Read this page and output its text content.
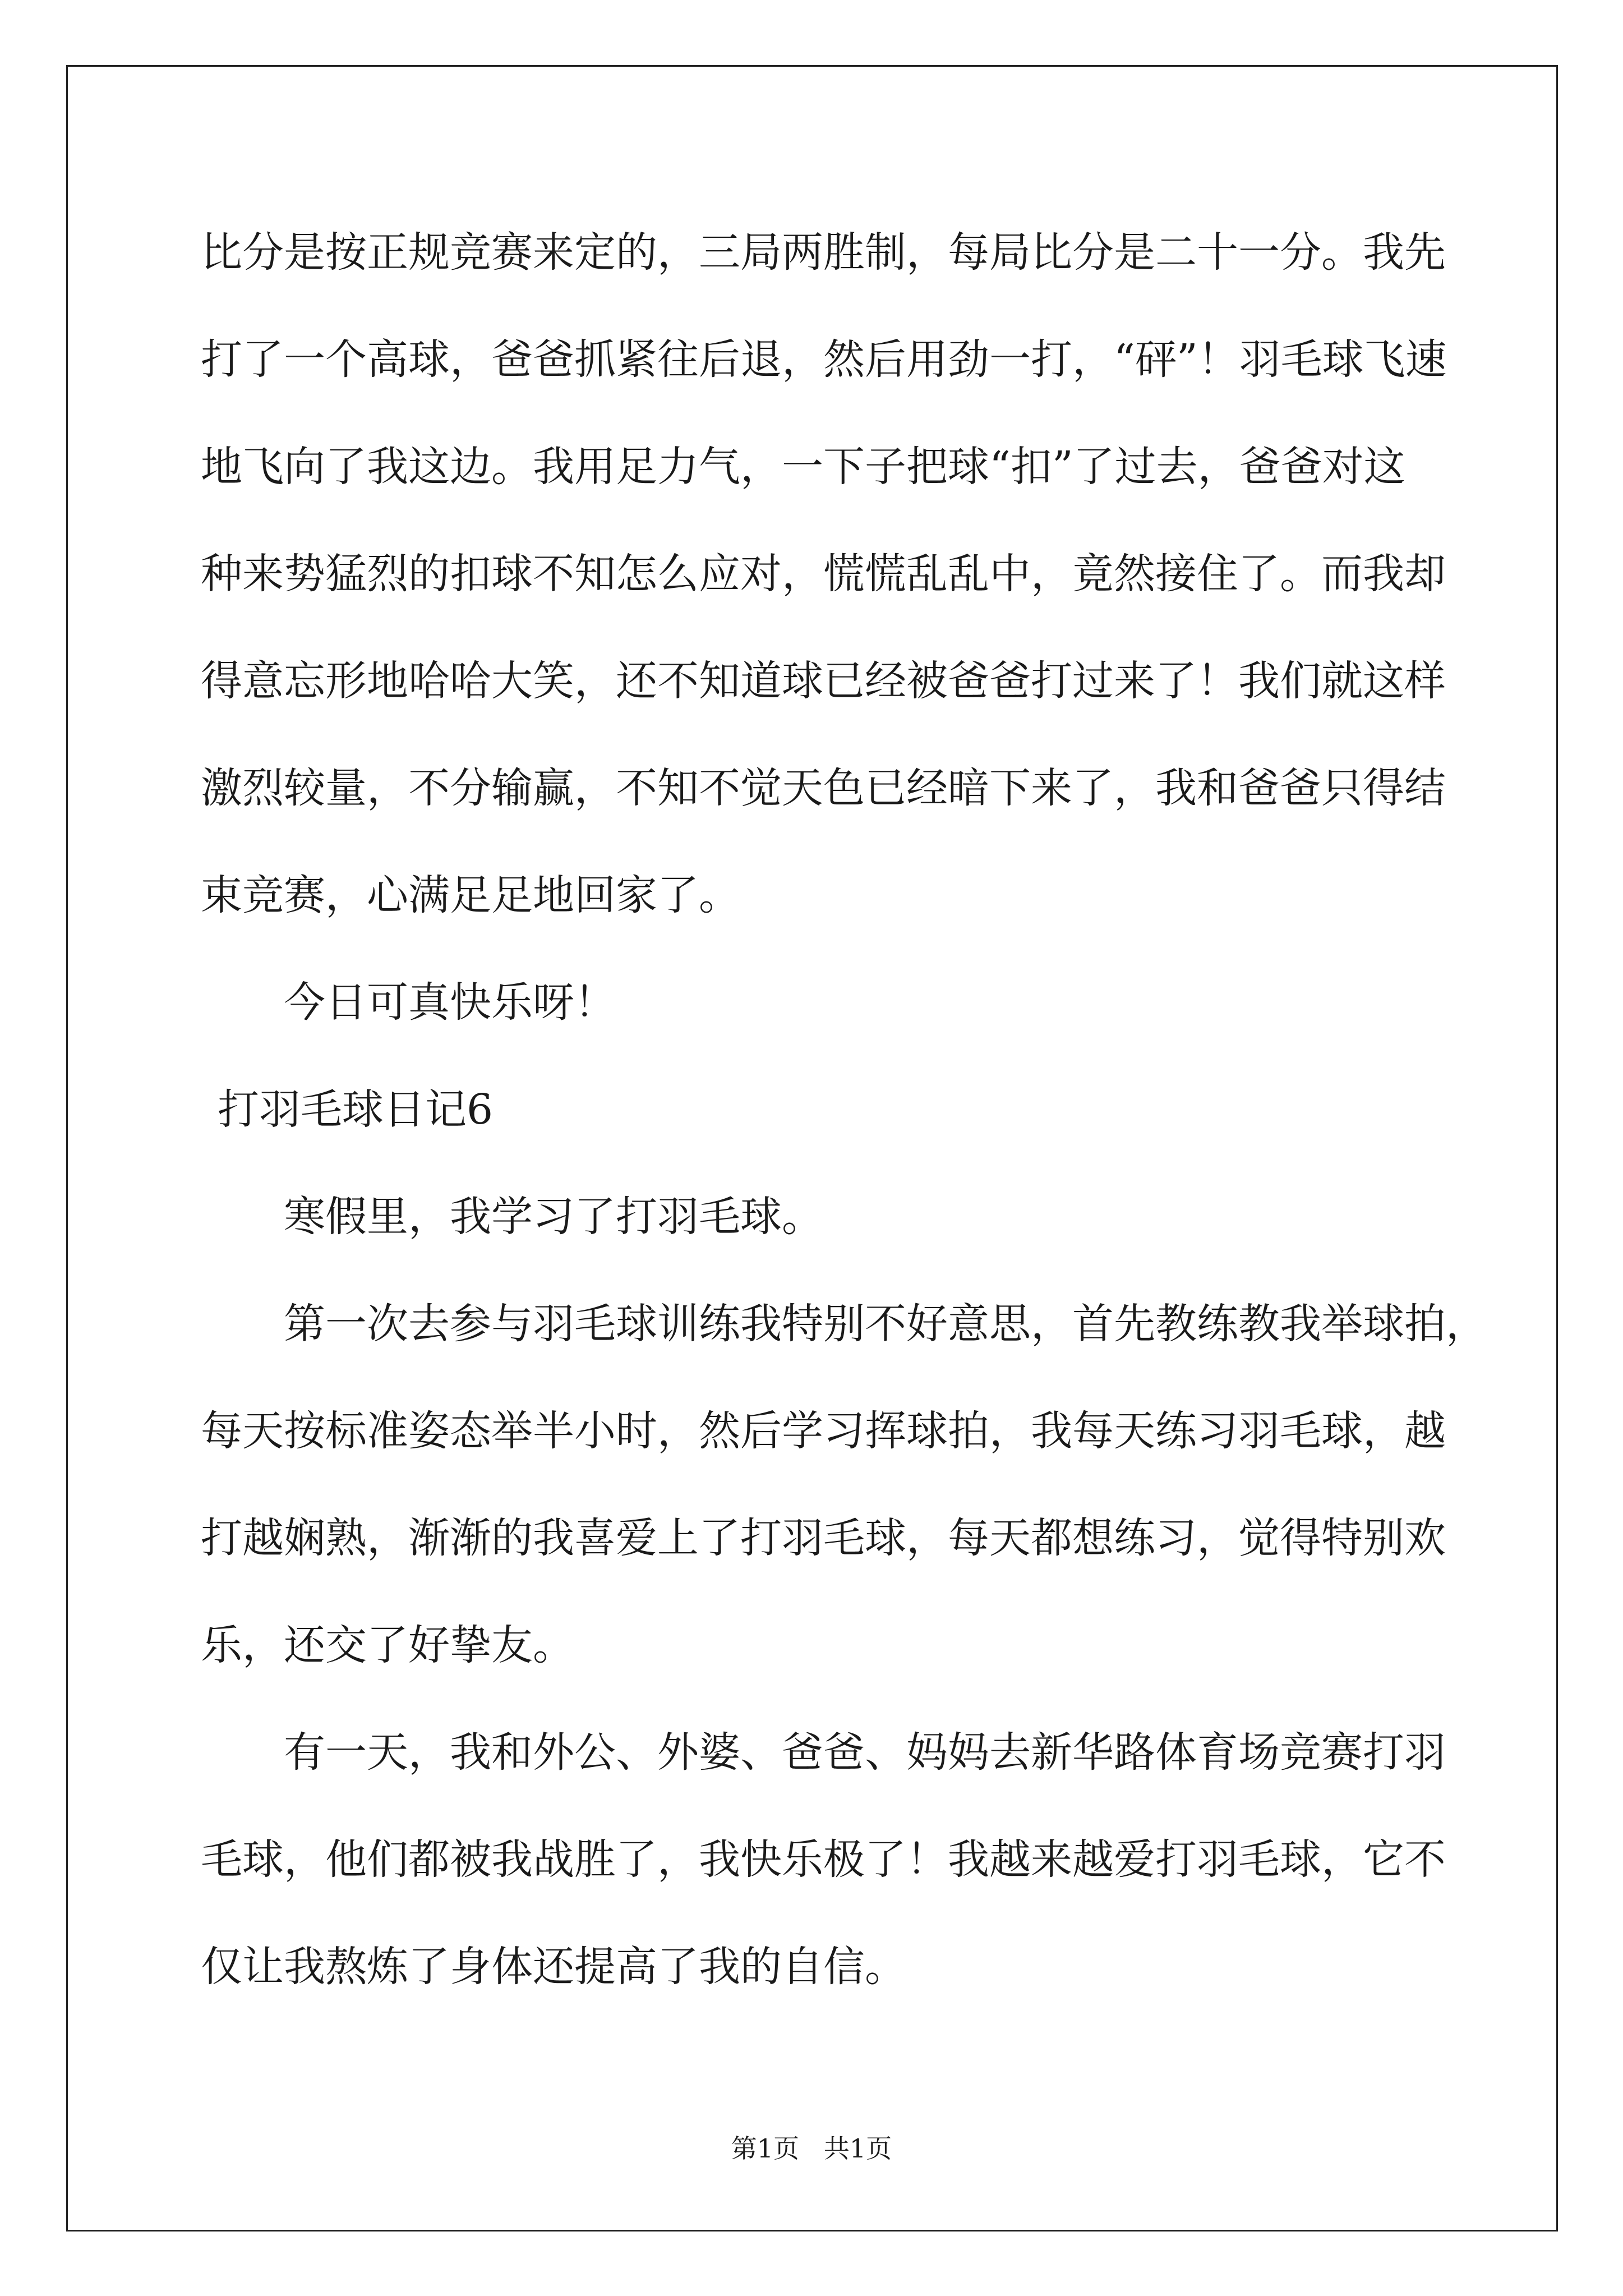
比分是按正规竞赛来定的，三局两胜制，每局比分是二十一分。我先
打了一个高球，爸爸抓紧往后退，然后用劲一打，“砰”！羽毛球飞速
地飞向了我这边。我用足力气，一下子把球“扣”了过去，爸爸对这
种来势猛烈的扣球不知怎么应对，慌慌乱乱中，竟然接住了。而我却
得意忘形地哈哈大笑，还不知道球已经被爸爸打过来了！我们就这样
激烈较量，不分输赢，不知不觉天色已经暗下来了，我和爸爸只得结
束竞赛，心满足足地回家了。
今日可真快乐呀！
打羽毛球日记6
寒假里，我学习了打羽毛球。
第一次去参与羽毛球训练我特别不好意思，首先教练教我举球拍，
每天按标准姿态举半小时，然后学习挥球拍，我每天练习羽毛球，越
打越娴熟，渐渐的我喜爱上了打羽毛球，每天都想练习，觉得特别欢
乐，还交了好挚友。
有一天，我和外公、外婆、爸爸、妈妈去新华路体育场竞赛打羽
毛球，他们都被我战胜了，我快乐极了！我越来越爱打羽毛球，它不
仅让我熬炼了身体还提高了我的自信。
第1页   共1页
